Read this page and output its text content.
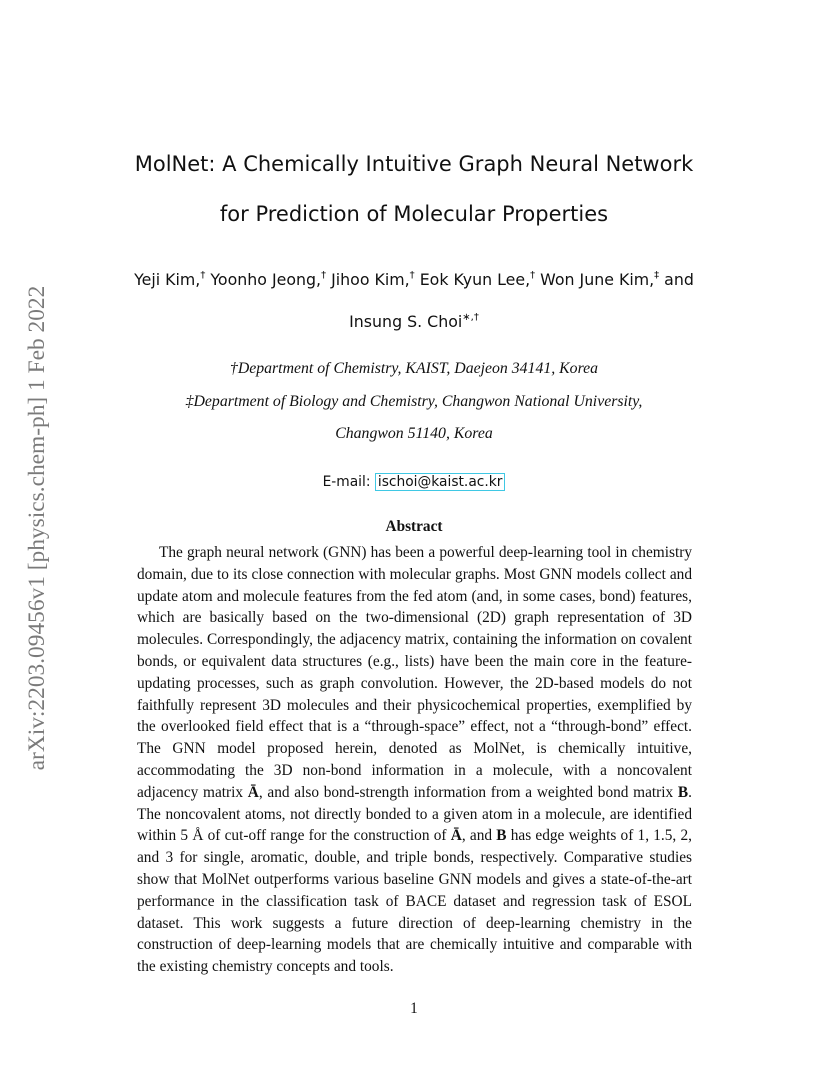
arXiv:2203.09456v1 [physics.chem-ph] 1 Feb 2022
MolNet: A Chemically Intuitive Graph Neural Network
for Prediction of Molecular Properties
Yeji Kim,† Yoonho Jeong,† Jihoo Kim,† Eok Kyun Lee,† Won June Kim,‡ and
Insung S. Choi∗,†
†Department of Chemistry, KAIST, Daejeon 34141, Korea
‡Department of Biology and Chemistry, Changwon National University,
Changwon 51140, Korea
E-mail: ischoi@kaist.ac.kr
Abstract

The graph neural network (GNN) has been a powerful deep-learning tool in chemistry domain, due to its close connection with molecular graphs. Most GNN models collect and update atom and molecule features from the fed atom (and, in some cases, bond) features, which are basically based on the two-dimensional (2D) graph representation of 3D molecules. Correspondingly, the adjacency matrix, containing the information on covalent bonds, or equivalent data structures (e.g., lists) have been the main core in the feature-updating processes, such as graph convolution. However, the 2D-based models do not faithfully represent 3D molecules and their physicochemical properties, exemplified by the overlooked field effect that is a “through-space” effect, not a “through-bond” effect. The GNN model proposed herein, denoted as MolNet, is chemically intuitive, accommodating the 3D non-bond information in a molecule, with a noncovalent adjacency matrix Ā, and also bond-strength information from a weighted bond matrix B. The noncovalent atoms, not directly bonded to a given atom in a molecule, are identified within 5 Å of cut-off range for the construction of Ā, and B has edge weights of 1, 1.5, 2, and 3 for single, aromatic, double, and triple bonds, respectively. Comparative studies show that MolNet outperforms various baseline GNN models and gives a state-of-the-art performance in the classification task of BACE dataset and regression task of ESOL dataset. This work suggests a future direction of deep-learning chemistry in the construction of deep-learning models that are chemically intuitive and comparable with the existing chemistry concepts and tools.

1
